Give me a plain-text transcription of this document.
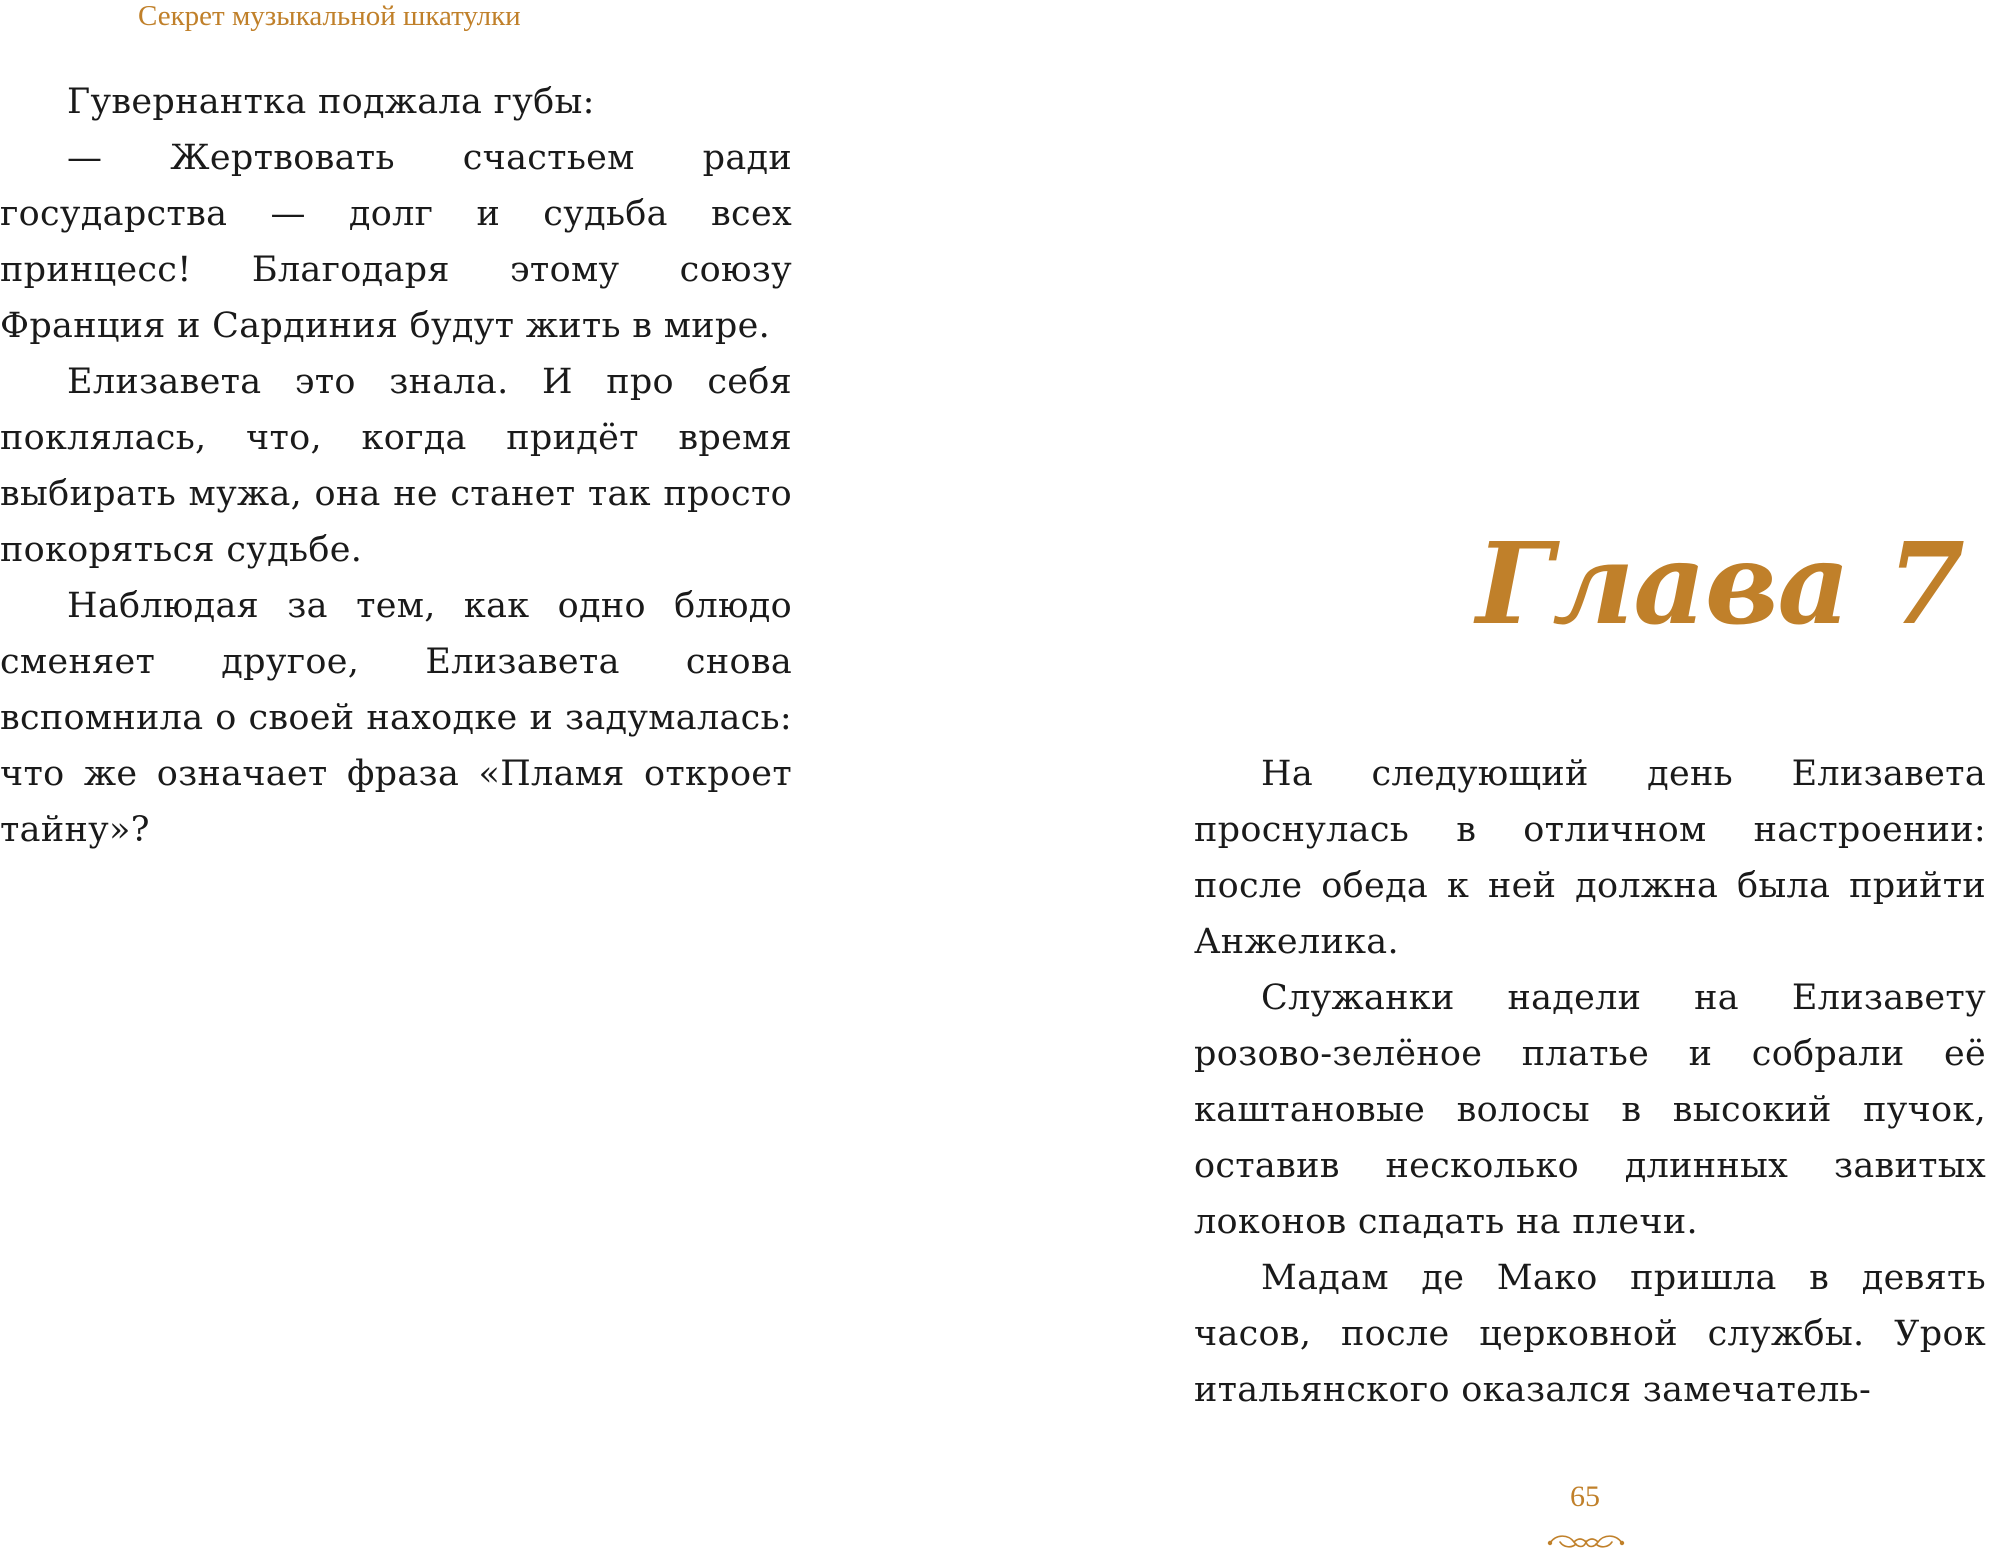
Секрет музыкальной шкатулки

Гувернантка поджала губы:

— Жертвовать счастьем ради государства — долг и судьба всех принцесс! Благодаря этому союзу Франция и Сардиния будут жить в мире.

Елизавета это знала. И про себя поклялась, что, когда придёт время выбирать мужа, она не станет так просто покоряться судьбе.

Наблюдая за тем, как одно блюдо сменяет другое, Елизавета снова вспомнила о своей находке и задумалась: что же означает фраза «Пламя откроет тайну»?

Глава 7

На следующий день Елизавета проснулась в отличном настроении: после обеда к ней должна была прийти Анжелика.

Служанки надели на Елизавету розово-зелёное платье и собрали её каштановые волосы в высокий пучок, оставив несколько длинных завитых локонов спадать на плечи.

Мадам де Мако пришла в девять часов, после церковной службы. Урок итальянского оказался замечатель-

65
